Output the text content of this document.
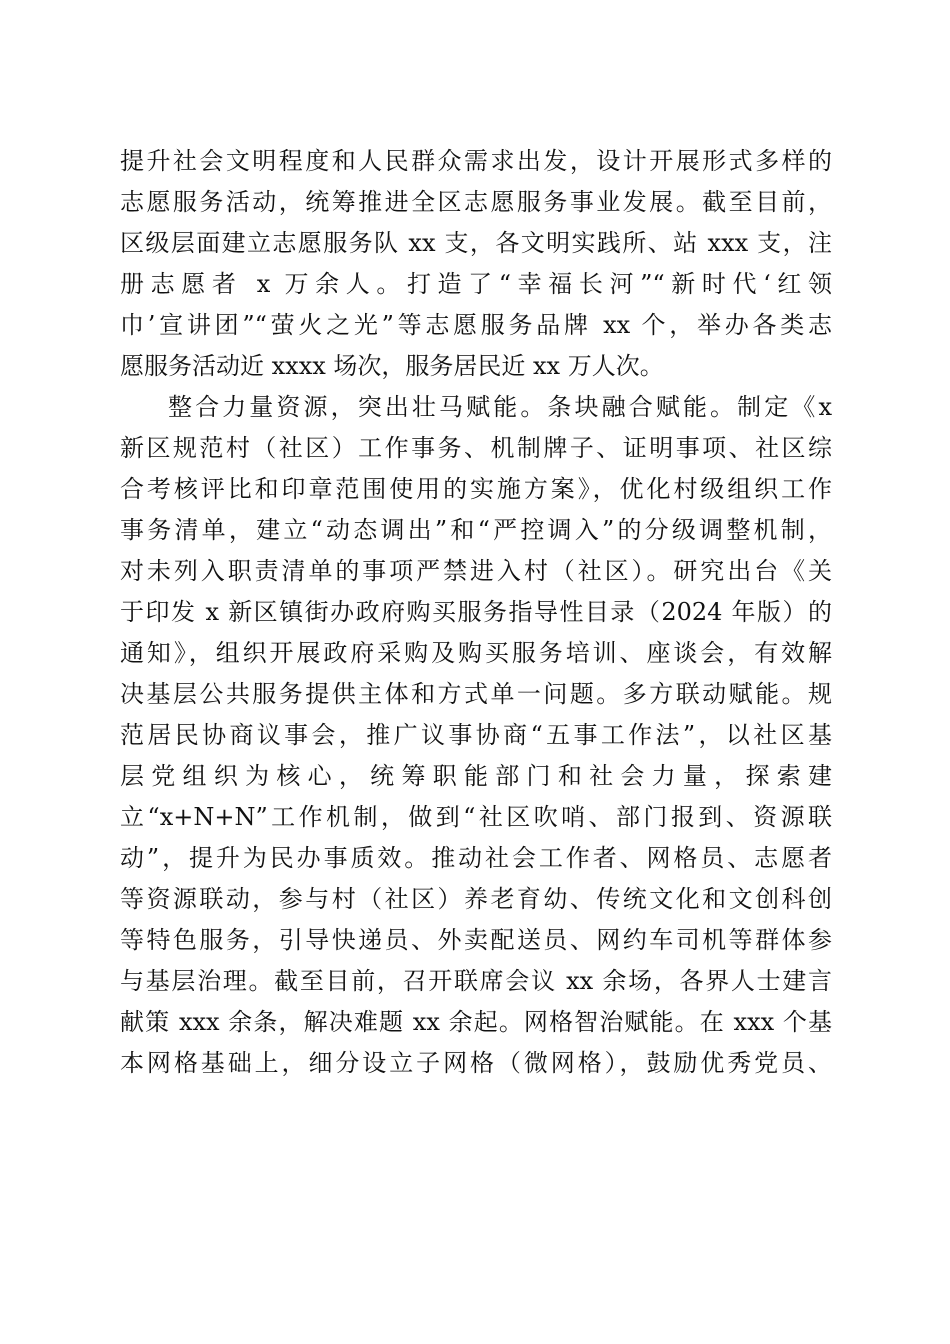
提升社会文明程度和人民群众需求出发，设计开展形式多样的
志愿服务活动，统筹推进全区志愿服务事业发展。截至目前，
区级层面建立志愿服务队 xx 支，各文明实践所、站 xxx 支，注
册志愿者 x 万余人。打造了“幸福长河”“新时代‘红领
巾’宣讲团”“萤火之光”等志愿服务品牌 xx 个，举办各类志
愿服务活动近 xxxx 场次，服务居民近 xx 万人次。
整合力量资源，突出壮马赋能。条块融合赋能。制定《x
新区规范村（社区）工作事务、机制牌子、证明事项、社区综
合考核评比和印章范围使用的实施方案》，优化村级组织工作
事务清单，建立“动态调出”和“严控调入”的分级调整机制，
对未列入职责清单的事项严禁进入村（社区）。研究出台《关
于印发 x 新区镇街办政府购买服务指导性目录（2024 年版）的
通知》，组织开展政府采购及购买服务培训、座谈会，有效解
决基层公共服务提供主体和方式单一问题。多方联动赋能。规
范居民协商议事会，推广议事协商“五事工作法”，以社区基
层党组织为核心，统筹职能部门和社会力量，探索建
立“x+N+N”工作机制，做到“社区吹哨、部门报到、资源联
动”，提升为民办事质效。推动社会工作者、网格员、志愿者
等资源联动，参与村（社区）养老育幼、传统文化和文创科创
等特色服务，引导快递员、外卖配送员、网约车司机等群体参
与基层治理。截至目前，召开联席会议 xx 余场，各界人士建言
献策 xxx 余条，解决难题 xx 余起。网格智治赋能。在 xxx 个基
本网格基础上，细分设立子网格（微网格），鼓励优秀党员、
